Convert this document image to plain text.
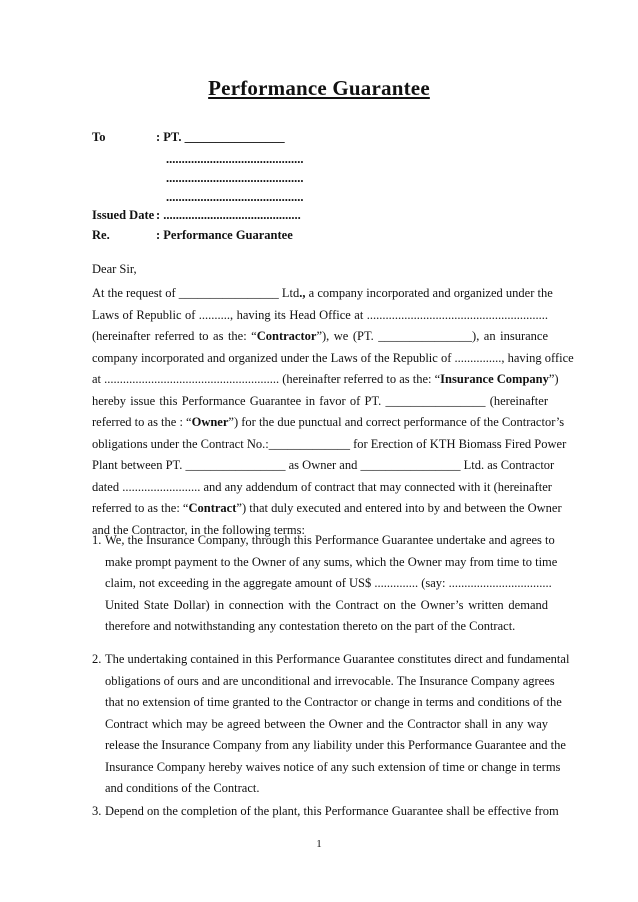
Performance Guarantee
To	: PT. ________________
............................................
............................................
............................................
Issued Date : ............................................
Re.	: Performance Guarantee
Dear Sir,
At the request of ________________ Ltd., a company incorporated and organized under the
Laws of Republic of .........., having its Head Office at ..........................................................
(hereinafter referred to as the: “Contractor”), we (PT. _______________), an insurance
company incorporated and organized under the Laws of the Republic of ..............., having office
at ........................................................ (hereinafter referred to as the: “Insurance Company”)
hereby issue this Performance Guarantee in favor of PT. ________________ (hereinafter
referred to as the : “Owner”) for the due punctual and correct performance of the Contractor’s
obligations under the Contract No.:_____________ for Erection of KTH Biomass Fired Power
Plant between PT. ________________ as Owner and ________________ Ltd. as Contractor
dated ......................... and any addendum of contract that may connected with it (hereinafter
referred to as the: “Contract”) that duly executed and entered into by and between the Owner
and the Contractor, in the following terms:
1. We, the Insurance Company, through this Performance Guarantee undertake and agrees to
make prompt payment to the Owner of any sums, which the Owner may from time to time
claim, not exceeding in the aggregate amount of US$ .............. (say: .................................
United State Dollar) in connection with the Contract on the Owner’s written demand
therefore and notwithstanding any contestation thereto on the part of the Contract.
2. The undertaking contained in this Performance Guarantee constitutes direct and fundamental
obligations of ours and are unconditional and irrevocable. The Insurance Company agrees
that no extension of time granted to the Contractor or change in terms and conditions of the
Contract which may be agreed between the Owner and the Contractor shall in any way
release the Insurance Company from any liability under this Performance Guarantee and the
Insurance Company hereby waives notice of any such extension of time or change in terms
and conditions of the Contract.
3. Depend on the completion of the plant, this Performance Guarantee shall be effective from
1
